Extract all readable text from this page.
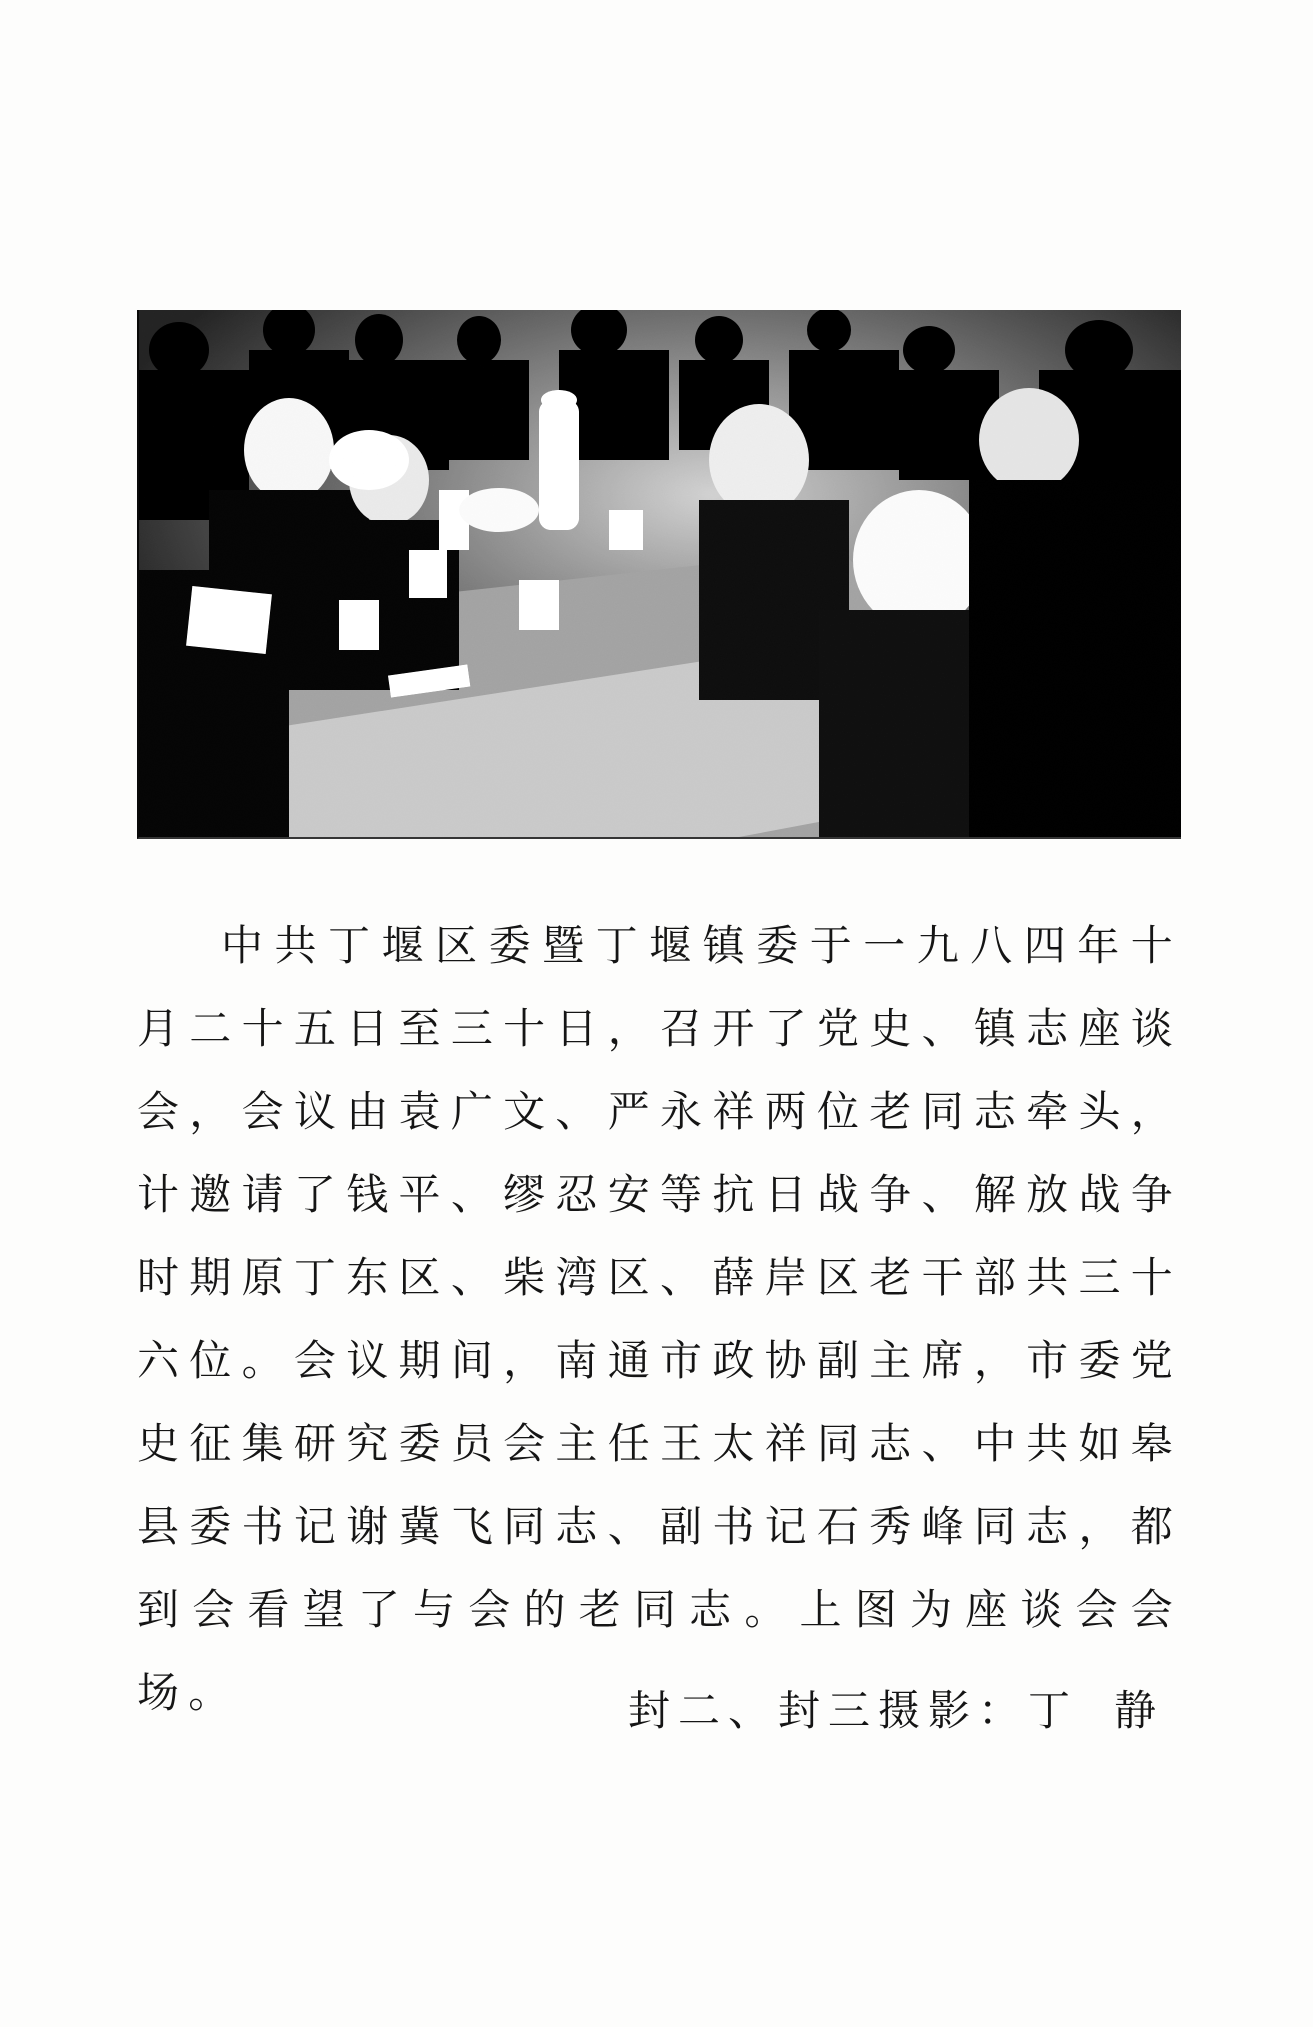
中共丁堰区委暨丁堰镇委于一九八四年十月二十五日至三十日，召开了党史、镇志座谈会，会议由袁广文、严永祥两位老同志牵头，计邀请了钱平、缪忍安等抗日战争、解放战争时期原丁东区、柴湾区、薛岸区老干部共三十六位。会议期间，南通市政协副主席，市委党史征集研究委员会主任王太祥同志、中共如皋县委书记谢冀飞同志、副书记石秀峰同志，都到会看望了与会的老同志。上图为座谈会会场。	封二、封三摄影：丁 静
